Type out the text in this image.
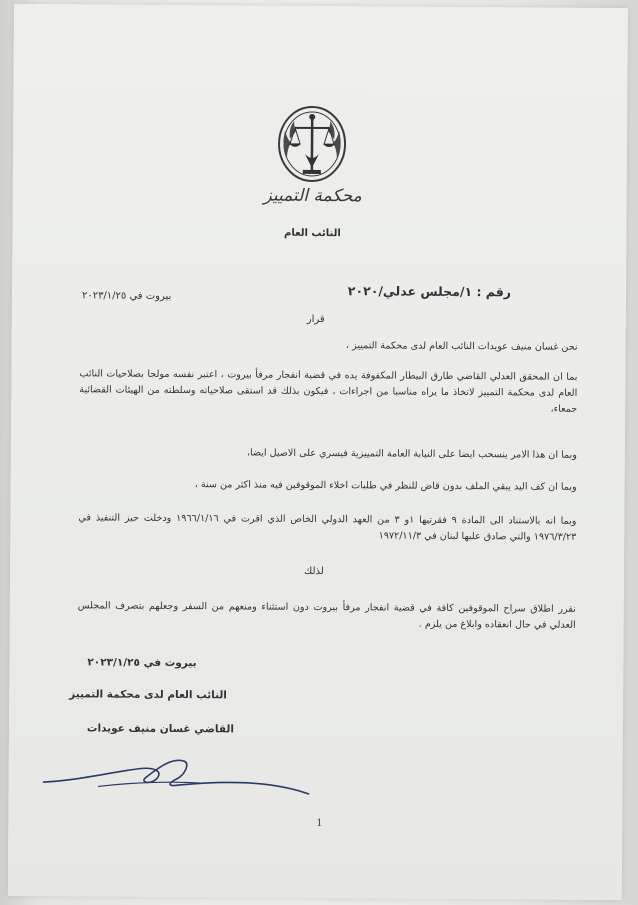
محكمة التمييز
النائب العام
رقم : ١/مجلس عدلي/٢٠٢٠
بيروت في ٢٠٢٣/١/٢٥
قرار
نحن غسان منيف عويدات النائب العام لدى محكمة التمييز ،
بما ان المحقق العدلي القاضي طارق البيطار المكفوفة يده في قضية انفجار مرفأ بيروت ، اعتبر نفسه مولجا بصلاحيات النائب العام لدى محكمة التمييز لاتخاذ ما يراه مناسبا من اجراءات ، فيكون بذلك قد استقى صلاحياته وسلطته من الهيئات القضائية جمعاء،
وبما ان هذا الامر ينسحب ايضا على النيابة العامة التمييزية فيسري على الاصيل ايضا،
وبما ان كف اليد يبقي الملف بدون قاض للنظر في طلبات اخلاء الموقوفين فيه منذ اكثر من سنة ،
وبما انه بالاستناد الى المادة ٩ فقرتيها ١و ٣ من العهد الدولي الخاص الذي اقرت في ١٩٦٦/١/١٦ ودخلت حيز التنفيذ في ١٩٧٦/٣/٢٣ والتي صادق عليها لبنان في ١٩٧٢/١١/٣
لذلك
نقرر اطلاق سراح الموقوفين كافة في قضية انفجار مرفأ بيروت دون استثناء ومنعهم من السفر وجعلهم بتصرف المجلس العدلي في حال انعقاده وابلاغ من يلزم .
بيروت في ٢٠٢٣/١/٢٥
النائب العام لدى محكمة التمييز
القاضي غسان منيف عويدات
1
